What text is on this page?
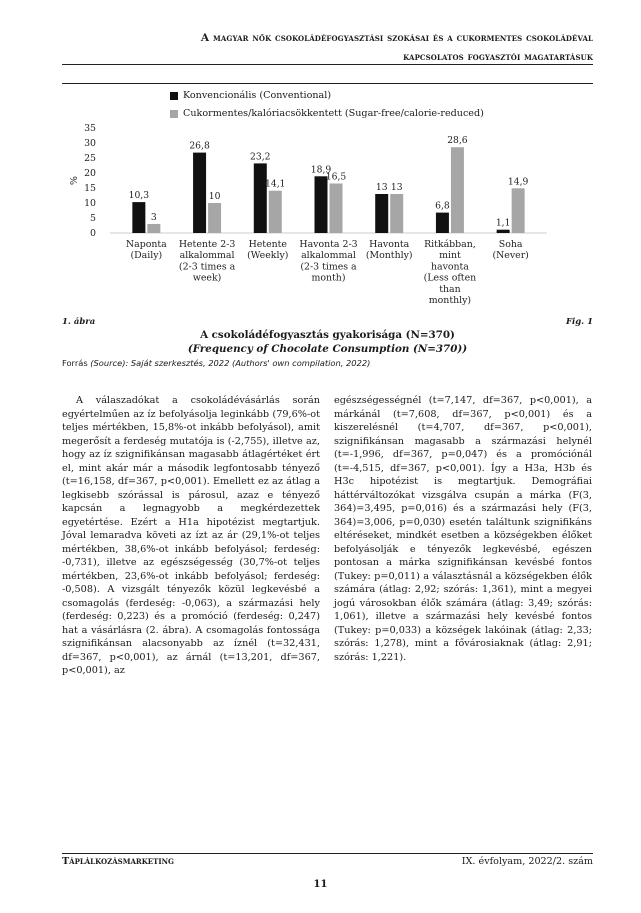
A magyar nők csokoládéfogyasztási szokásai és a cukormentes csokoládéval
kapcsolatos fogyasztói magatartásuk
Konvencionális (Conventional)
Cukormentes/kalóriacsökkentett (Sugar-free/calorie-reduced)
0
5
10
15
20
25
30
35
%
10,3
3
Naponta
(Daily)
26,8
10
Hetente 2-3
alkalommal
(2-3 times a
week)
23,2
14,1
Hetente
(Weekly)
18,9
16,5
Havonta 2-3
alkalommal
(2-3 times a
month)
13 13
Havonta
(Monthly)
6,8
28,6
Ritkábban,
mint
havonta
(Less often
than
monthly)
1,1
14,9
Soha
(Never)
1. ábra	Fig. 1
A csokoládéfogyasztás gyakorisága (N=370)
(Frequency of Chocolate Consumption (N=370))
Forrás (Source): Saját szerkesztés, 2022 (Authors' own compilation, 2022)

A válaszadókat a csokoládévásárlás során egyértelműen az íz befolyásolja leginkább (79,6%-ot teljes mértékben, 15,8%-ot inkább befolyásol), amit megerősít a ferdeség mutatója is (-2,755), illetve az, hogy az íz szignifikánsan magasabb átlagértéket ért el, mint akár már a második legfontosabb tényező (t=16,158, df=367, p<0,001). Emellett ez az átlag a legkisebb szórással is párosul, azaz e tényező kapcsán a legnagyobb a megkérdezettek egyetértése. Ezért a H1a hipotézist megtartjuk. Jóval lemaradva követi az ízt az ár (29,1%-ot teljes mértékben, 38,6%-ot inkább befolyásol; ferdeség: -0,731), illetve az egészségesség (30,7%-ot teljes mértékben, 23,6%-ot inkább befolyásol; ferdeség: -0,508). A vizsgált tényezők közül legkevésbé a csomagolás (ferdeség: -0,063), a származási hely (ferdeség: 0,223) és a promóció (ferdeség: 0,247) hat a vásárlásra (2. ábra). A csomagolás fontossága szignifikánsan alacsonyabb az íznél (t=32,431, df=367, p<0,001), az árnál (t=13,201, df=367, p<0,001), az

egészségességnél (t=7,147, df=367, p<0,001), a márkánál (t=7,608, df=367, p<0,001) és a kiszerelésnél (t=4,707, df=367, p<0,001), szignifikánsan magasabb a származási helynél (t=-1,996, df=367, p=0,047) és a promóciónál (t=-4,515, df=367, p<0,001). Így a H3a, H3b és H3c hipotézist is megtartjuk. Demográfiai háttérváltozókat vizsgálva csupán a márka (F(3, 364)=3,495, p=0,016) és a származási hely (F(3, 364)=3,006, p=0,030) esetén találtunk szignifikáns eltéréseket, mindkét esetben a községekben élőket befolyásolják e tényezők legkevésbé, egészen pontosan a márka szignifikánsan kevésbé fontos (Tukey: p=0,011) a választásnál a községekben élők számára (átlag: 2,92; szórás: 1,361), mint a megyei jogú városokban élők számára (átlag: 3,49; szórás: 1,061), illetve a származási hely kevésbé fontos (Tukey: p=0,033) a községek lakóinak (átlag: 2,33; szórás: 1,278), mint a fővárosiaknak (átlag: 2,91; szórás: 1,221).

Táplálkozásmarketing	IX. évfolyam, 2022/2. szám
11
